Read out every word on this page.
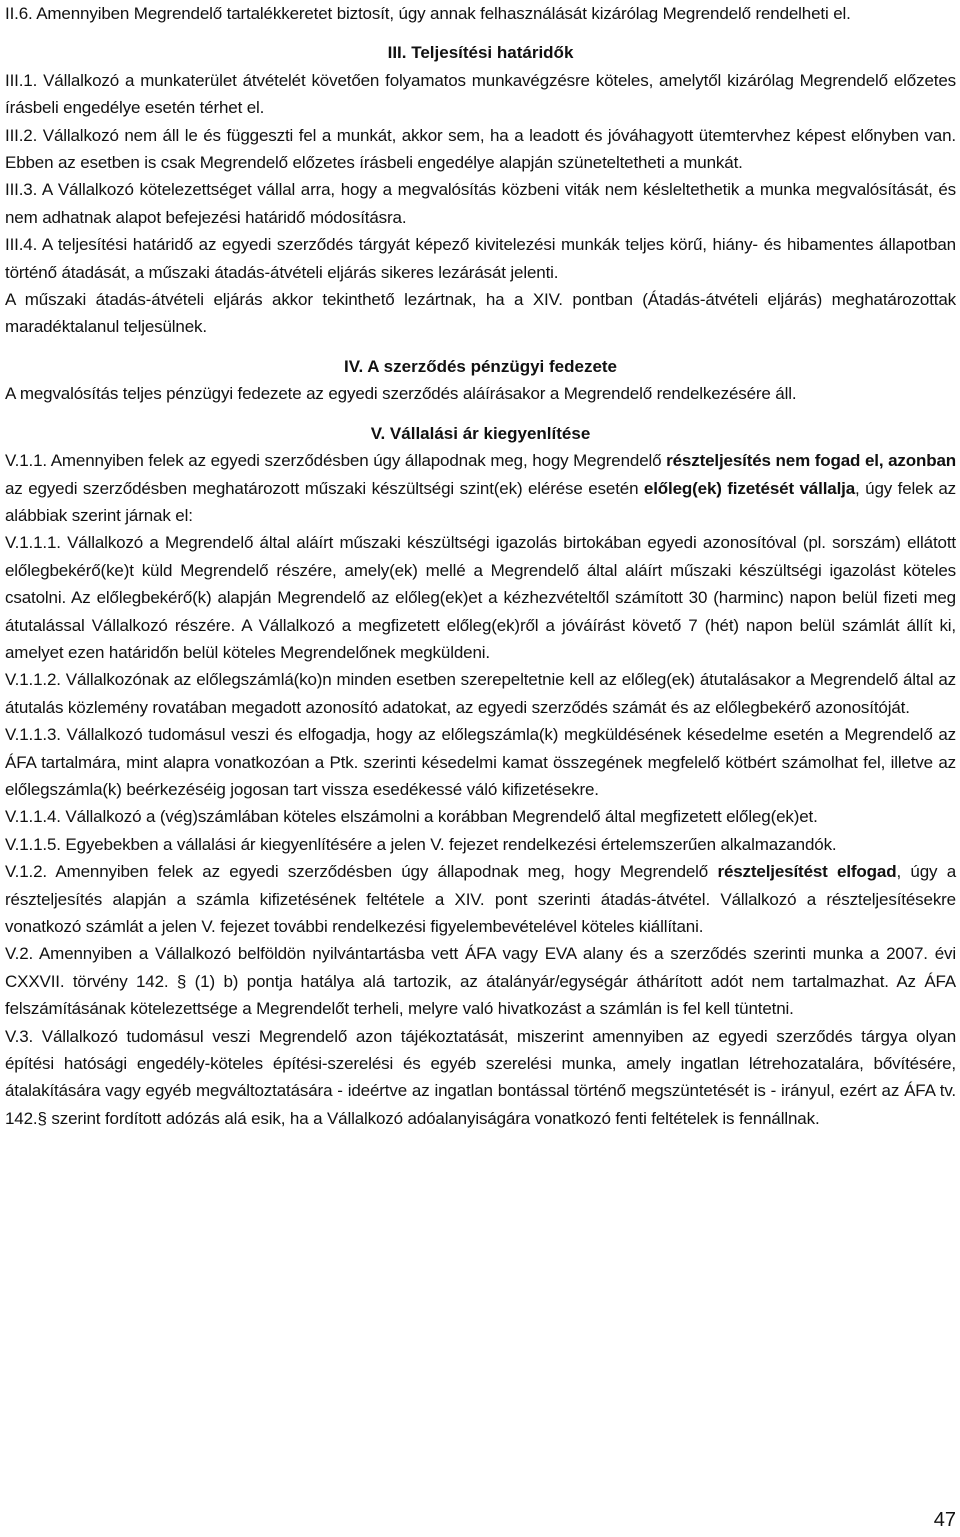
II.6. Amennyiben Megrendelő tartalékkeretet biztosít, úgy annak felhasználását kizárólag Megrendelő rendelheti el.

III. Teljesítési határidők

III.1. Vállalkozó a munkaterület átvételét követően folyamatos munkavégzésre köteles, amelytől kizárólag Megrendelő előzetes írásbeli engedélye esetén térhet el.

III.2. Vállalkozó nem áll le és függeszti fel a munkát, akkor sem, ha a leadott és jóváhagyott ütemtervhez képest előnyben van. Ebben az esetben is csak Megrendelő előzetes írásbeli engedélye alapján szüneteltetheti a munkát.

III.3. A Vállalkozó kötelezettséget vállal arra, hogy a megvalósítás közbeni viták nem késleltethetik a munka megvalósítását, és nem adhatnak alapot befejezési határidő módosításra.

III.4. A teljesítési határidő az egyedi szerződés tárgyát képező kivitelezési munkák teljes körű, hiány- és hibamentes állapotban történő átadását, a műszaki átadás-átvételi eljárás sikeres lezárását jelenti.

A műszaki átadás-átvételi eljárás akkor tekinthető lezártnak, ha a XIV. pontban (Átadás-átvételi eljárás) meghatározottak maradéktalanul teljesülnek.

IV. A szerződés pénzügyi fedezete

A megvalósítás teljes pénzügyi fedezete az egyedi szerződés aláírásakor a Megrendelő rendelkezésére áll.

V. Vállalási ár kiegyenlítése

V.1.1. Amennyiben felek az egyedi szerződésben úgy állapodnak meg, hogy Megrendelő részteljesítés nem fogad el, azonban az egyedi szerződésben meghatározott műszaki készültségi szint(ek) elérése esetén előleg(ek) fizetését vállalja, úgy felek az alábbiak szerint járnak el:

V.1.1.1. Vállalkozó a Megrendelő által aláírt műszaki készültségi igazolás birtokában egyedi azonosítóval (pl. sorszám) ellátott előlegbekérő(ke)t küld Megrendelő részére, amely(ek) mellé a Megrendelő által aláírt műszaki készültségi igazolást köteles csatolni. Az előlegbekérő(k) alapján Megrendelő az előleg(ek)et a kézhezvételtől számított 30 (harminc) napon belül fizeti meg átutalással Vállalkozó részére. A Vállalkozó a megfizetett előleg(ek)ről a jóváírást követő 7 (hét) napon belül számlát állít ki, amelyet ezen határidőn belül köteles Megrendelőnek megküldeni.

V.1.1.2. Vállalkozónak az előlegszámlá(ko)n minden esetben szerepeltetnie kell az előleg(ek) átutalásakor a Megrendelő által az átutalás közlemény rovatában megadott azonosító adatokat, az egyedi szerződés számát és az előlegbekérő azonosítóját.

V.1.1.3. Vállalkozó tudomásul veszi és elfogadja, hogy az előlegszámla(k) megküldésének késedelme esetén a Megrendelő az ÁFA tartalmára, mint alapra vonatkozóan a Ptk. szerinti késedelmi kamat összegének megfelelő kötbért számolhat fel, illetve az előlegszámla(k) beérkezéséig jogosan tart vissza esedékessé váló kifizetésekre.

V.1.1.4. Vállalkozó a (vég)számlában köteles elszámolni a korábban Megrendelő által megfizetett előleg(ek)et.

V.1.1.5. Egyebekben a vállalási ár kiegyenlítésére a jelen V. fejezet rendelkezési értelemszerűen alkalmazandók.

V.1.2. Amennyiben felek az egyedi szerződésben úgy állapodnak meg, hogy Megrendelő részteljesítést elfogad, úgy a részteljesítés alapján a számla kifizetésének feltétele a XIV. pont szerinti átadás-átvétel. Vállalkozó a részteljesítésekre vonatkozó számlát a jelen V. fejezet további rendelkezési figyelembevételével köteles kiállítani.

V.2. Amennyiben a Vállalkozó belföldön nyilvántartásba vett ÁFA vagy EVA alany és a szerződés szerinti munka a 2007. évi CXXVII. törvény 142. § (1) b) pontja hatálya alá tartozik, az átalányár/egységár áthárított adót nem tartalmazhat. Az ÁFA felszámításának kötelezettsége a Megrendelőt terheli, melyre való hivatkozást a számlán is fel kell tüntetni.

V.3. Vállalkozó tudomásul veszi Megrendelő azon tájékoztatását, miszerint amennyiben az egyedi szerződés tárgya olyan építési hatósági engedély-köteles építési-szerelési és egyéb szerelési munka, amely ingatlan létrehozatalára, bővítésére, átalakítására vagy egyéb megváltoztatására - ideértve az ingatlan bontással történő megszüntetését is - irányul, ezért az ÁFA tv. 142.§ szerint fordított adózás alá esik, ha a Vállalkozó adóalanyiságára vonatkozó fenti feltételek is fennállnak.

47
